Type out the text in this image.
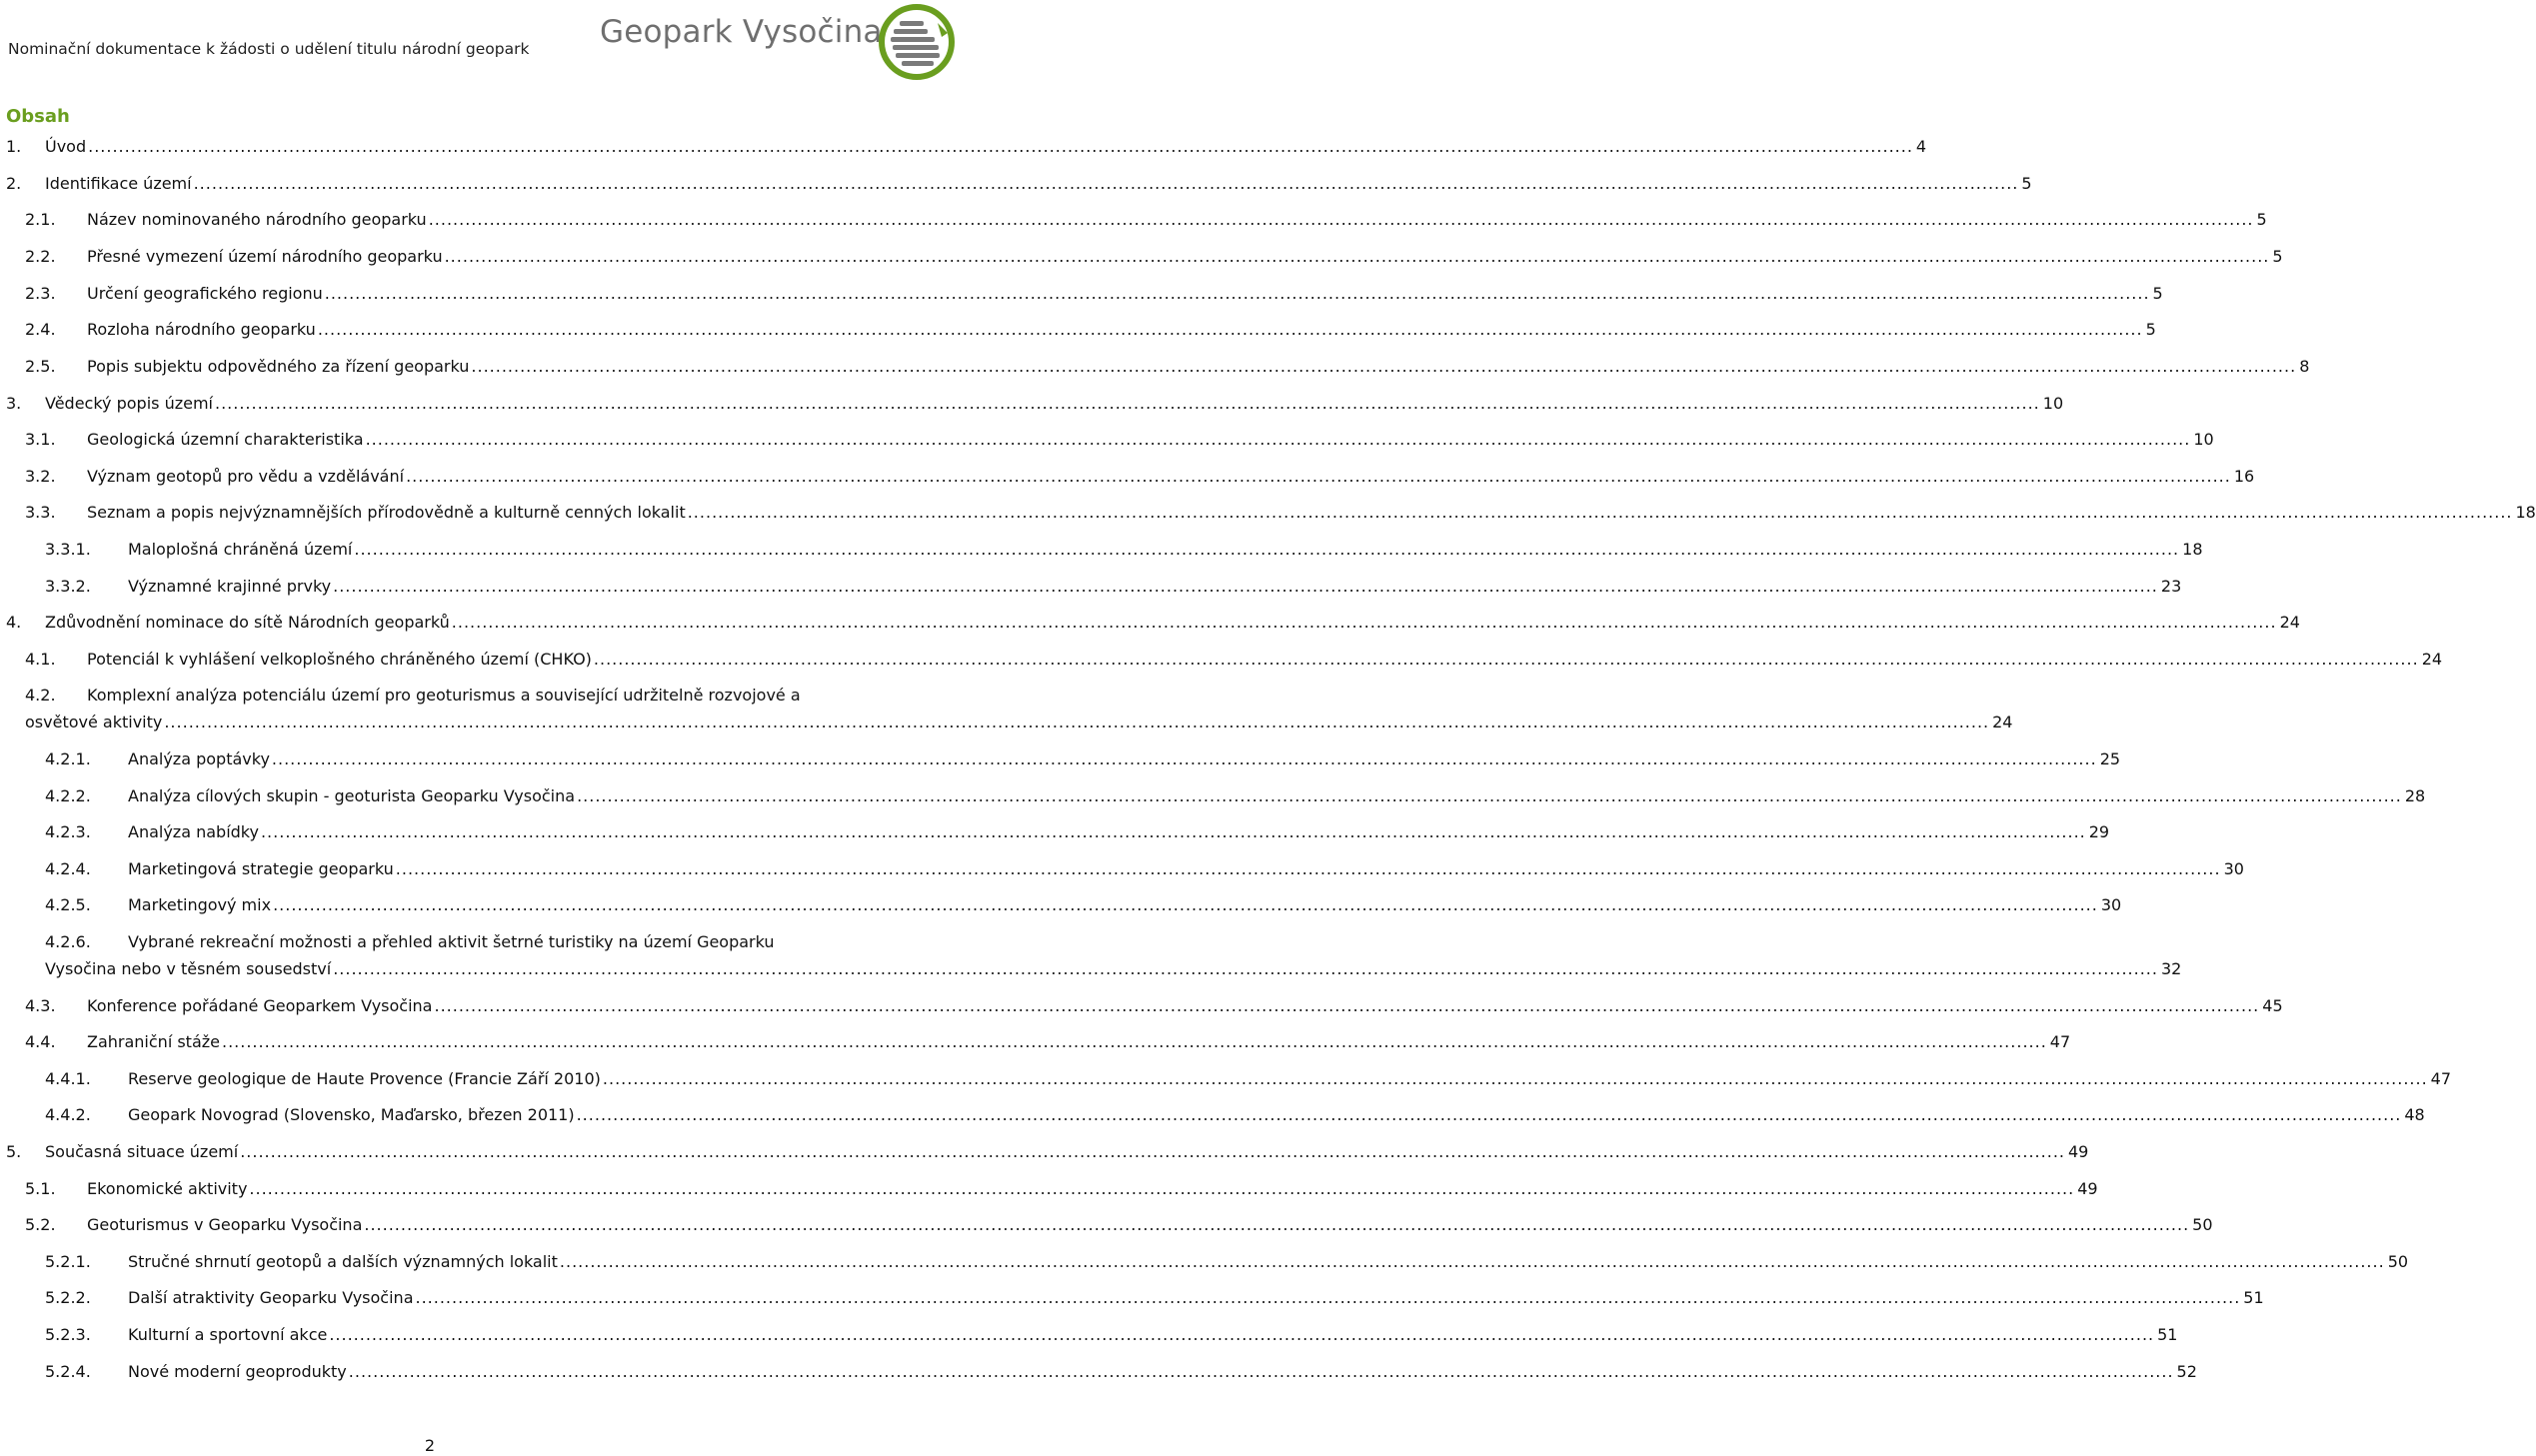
Nominační dokumentace k žádosti o udělení titulu národní geopark Geopark Vysočina
Obsah
1. Úvod ............................................................................................................................................................................................................................................................................................................ 4
2. Identifikace území ............................................................................................................................................................................................................................................................................................................ 5
2.1. Název nominovaného národního geoparku ............................................................................................................................................................................................................................................................................................................ 5
2.2. Přesné vymezení území národního geoparku ............................................................................................................................................................................................................................................................................................................ 5
2.3. Určení geografického regionu ............................................................................................................................................................................................................................................................................................................ 5
2.4. Rozloha národního geoparku ............................................................................................................................................................................................................................................................................................................ 5
2.5. Popis subjektu odpovědného za řízení geoparku ............................................................................................................................................................................................................................................................................................................ 8
3. Vědecký popis území ............................................................................................................................................................................................................................................................................................................ 10
3.1. Geologická územní charakteristika ............................................................................................................................................................................................................................................................................................................ 10
3.2. Význam geotopů pro vědu a vzdělávání ............................................................................................................................................................................................................................................................................................................ 16
3.3. Seznam a popis nejvýznamnějších přírodovědně a kulturně cenných lokalit ............................................................................................................................................................................................................................................................................................................ 18
3.3.1. Maloplošná chráněná území ............................................................................................................................................................................................................................................................................................................ 18
3.3.2. Významné krajinné prvky ............................................................................................................................................................................................................................................................................................................ 23
4. Zdůvodnění nominace do sítě Národních geoparků ............................................................................................................................................................................................................................................................................................................ 24
4.1. Potenciál k vyhlášení velkoplošného chráněného území (CHKO) ............................................................................................................................................................................................................................................................................................................ 24
4.2. Komplexní analýza potenciálu území pro geoturismus a související udržitelně rozvojové a
osvětové aktivity ............................................................................................................................................................................................................................................................................................................ 24
4.2.1. Analýza poptávky ............................................................................................................................................................................................................................................................................................................ 25
4.2.2. Analýza cílových skupin - geoturista Geoparku Vysočina ............................................................................................................................................................................................................................................................................................................ 28
4.2.3. Analýza nabídky ............................................................................................................................................................................................................................................................................................................ 29
4.2.4. Marketingová strategie geoparku ............................................................................................................................................................................................................................................................................................................ 30
4.2.5. Marketingový mix ............................................................................................................................................................................................................................................................................................................ 30
4.2.6. Vybrané rekreační možnosti a přehled aktivit šetrné turistiky na území Geoparku
Vysočina nebo v těsném sousedství ............................................................................................................................................................................................................................................................................................................ 32
4.3. Konference pořádané Geoparkem Vysočina ............................................................................................................................................................................................................................................................................................................ 45
4.4. Zahraniční stáže ............................................................................................................................................................................................................................................................................................................ 47
4.4.1. Reserve geologique de Haute Provence (Francie Září 2010) ............................................................................................................................................................................................................................................................................................................ 47
4.4.2. Geopark Novograd (Slovensko, Maďarsko, březen 2011) ............................................................................................................................................................................................................................................................................................................ 48
5. Současná situace území ............................................................................................................................................................................................................................................................................................................ 49
5.1. Ekonomické aktivity ............................................................................................................................................................................................................................................................................................................ 49
5.2. Geoturismus v Geoparku Vysočina ............................................................................................................................................................................................................................................................................................................ 50
5.2.1. Stručné shrnutí geotopů a dalších významných lokalit ............................................................................................................................................................................................................................................................................................................ 50
5.2.2. Další atraktivity Geoparku Vysočina ............................................................................................................................................................................................................................................................................................................ 51
5.2.3. Kulturní a sportovní akce ............................................................................................................................................................................................................................................................................................................ 51
5.2.4. Nové moderní geoprodukty ............................................................................................................................................................................................................................................................................................................ 52
2
